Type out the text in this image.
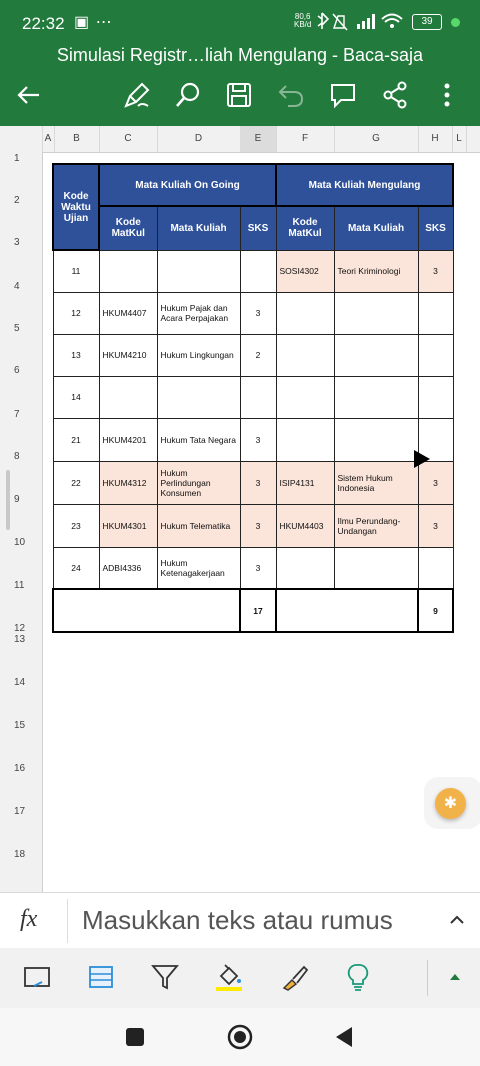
22:32 ▣ ⋯	80,6
KB/d	39
Simulasi Registr…liah Mengulang - Baca-saja
A	B	C	D	E	F	G	H	L
1
2
3
4
5
6
7
8
9
10
11
12
13
14
15
16
17
18
Kode Waktu Ujian	Mata Kuliah On Going			Mata Kuliah Mengulang		
	Kode MatKul	Mata Kuliah	SKS	Kode MatKul	Mata Kuliah	SKS
11				SOSI4302	Teori Kriminologi	3
12	HKUM4407	Hukum Pajak dan Acara Perpajakan	3			
13	HKUM4210	Hukum Lingkungan	2			
14						
21	HKUM4201	Hukum Tata Negara	3			
22	HKUM4312	Hukum Perlindungan Konsumen	3	ISIP4131	Sistem Hukum Indonesia	3
23	HKUM4301	Hukum Telematika	3	HKUM4403	Ilmu Perundang-Undangan	3
24	ADBI4336	Hukum Ketenagakerjaan	3			
			17			9
✱
fx
Masukkan teks atau rumus
